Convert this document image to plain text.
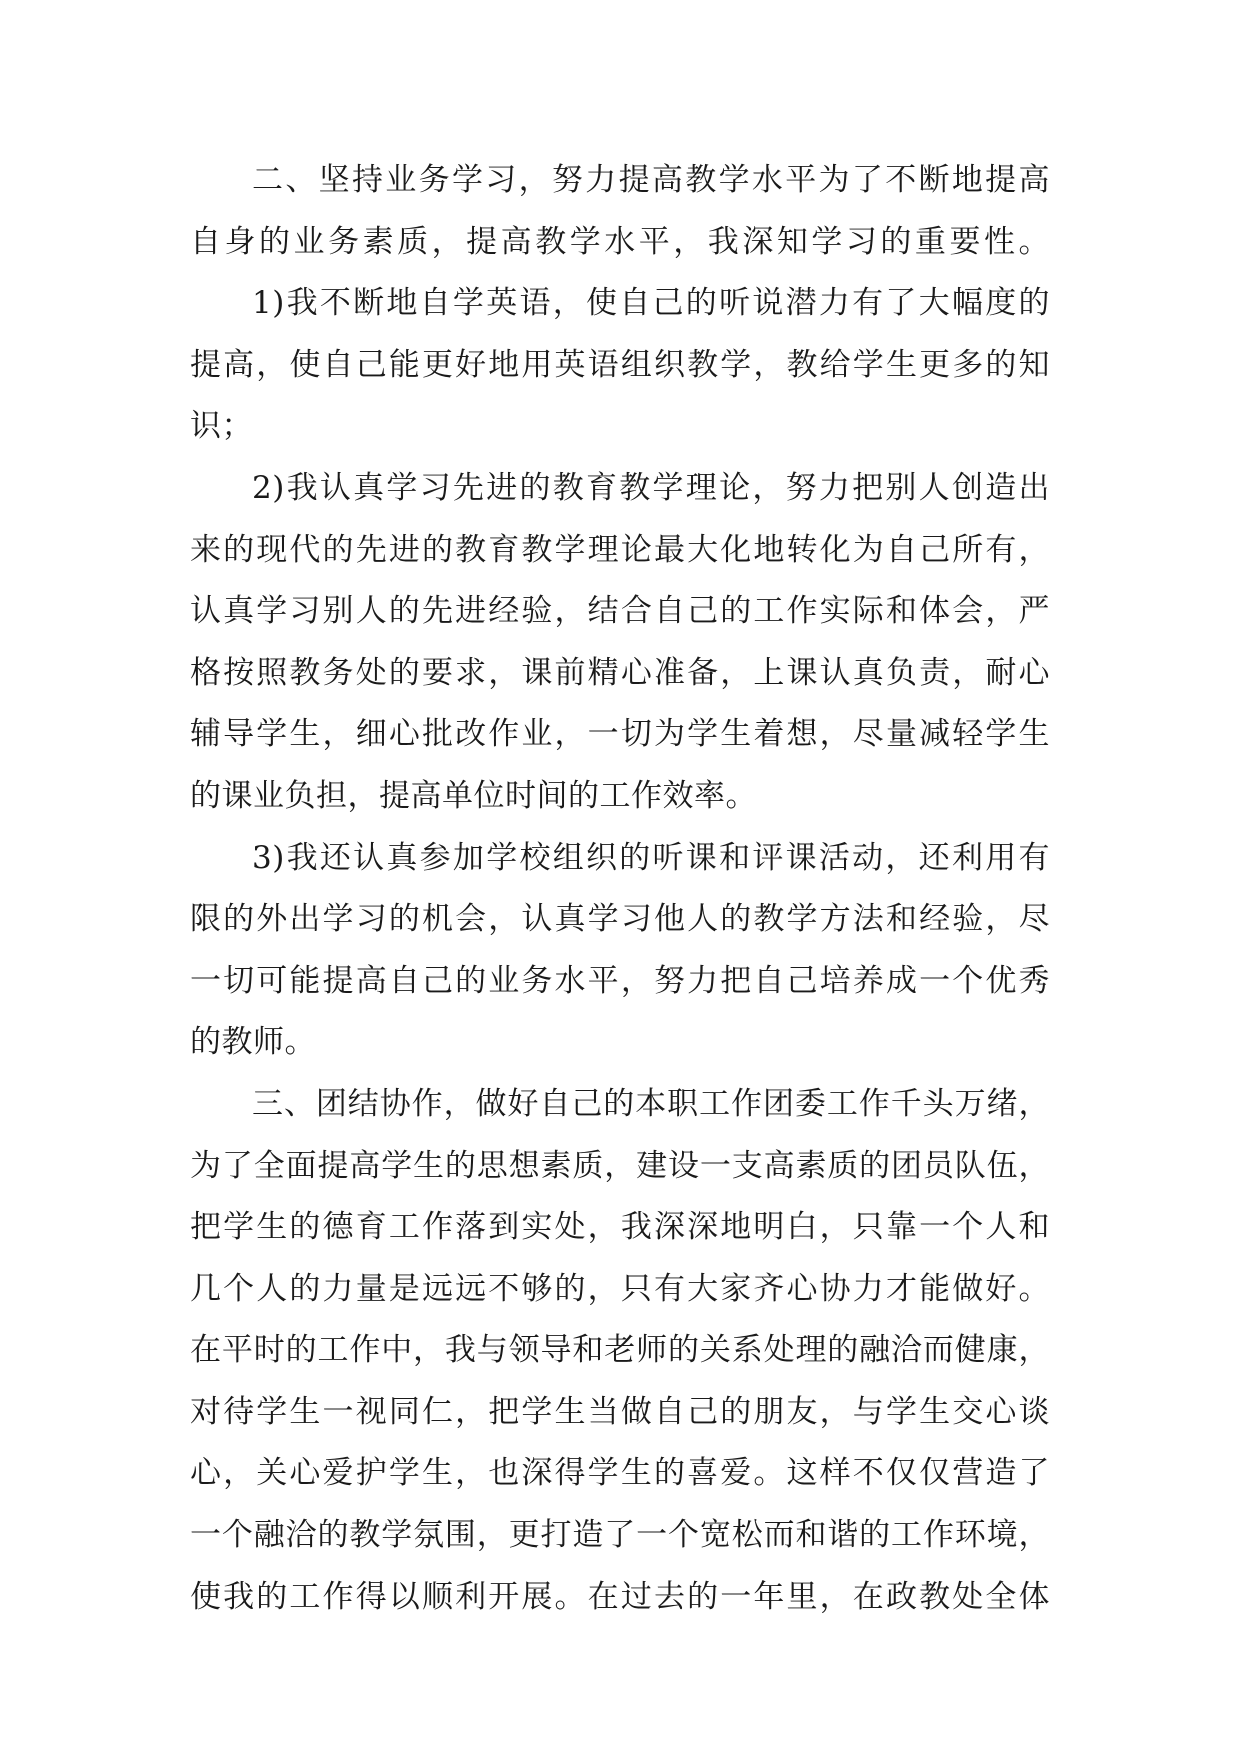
二、坚持业务学习，努力提高教学水平为了不断地提高
自身的业务素质，提高教学水平，我深知学习的重要性。
1)我不断地自学英语，使自己的听说潜力有了大幅度的
提高，使自己能更好地用英语组织教学，教给学生更多的知
识；
2)我认真学习先进的教育教学理论，努力把别人创造出
来的现代的先进的教育教学理论最大化地转化为自己所有，
认真学习别人的先进经验，结合自己的工作实际和体会，严
格按照教务处的要求，课前精心准备，上课认真负责，耐心
辅导学生，细心批改作业，一切为学生着想，尽量减轻学生
的课业负担，提高单位时间的工作效率。
3)我还认真参加学校组织的听课和评课活动，还利用有
限的外出学习的机会，认真学习他人的教学方法和经验，尽
一切可能提高自己的业务水平，努力把自己培养成一个优秀
的教师。
三、团结协作，做好自己的本职工作团委工作千头万绪，
为了全面提高学生的思想素质，建设一支高素质的团员队伍，
把学生的德育工作落到实处，我深深地明白，只靠一个人和
几个人的力量是远远不够的，只有大家齐心协力才能做好。
在平时的工作中，我与领导和老师的关系处理的融洽而健康，
对待学生一视同仁，把学生当做自己的朋友，与学生交心谈
心，关心爱护学生，也深得学生的喜爱。这样不仅仅营造了
一个融洽的教学氛围，更打造了一个宽松而和谐的工作环境，
使我的工作得以顺利开展。在过去的一年里，在政教处全体
